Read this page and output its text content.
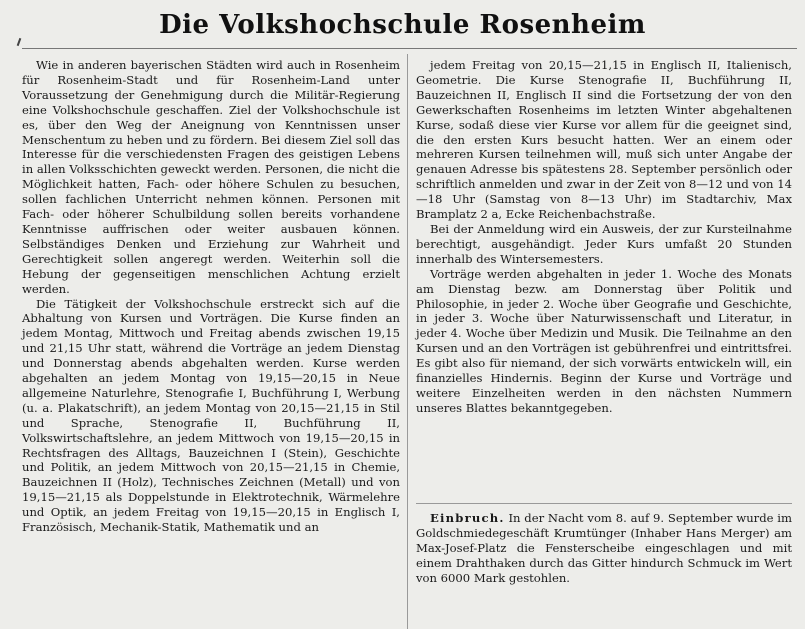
Die Volkshochschule Rosenheim

Wie in anderen bayerischen Städten wird auch in Rosenheim für Rosenheim-Stadt und für Rosenheim-Land unter Voraussetzung der Genehmigung durch die Militär-Regierung eine Volkshochschule geschaffen. Ziel der Volkshochschule ist es, über den Weg der Aneignung von Kenntnissen unser Menschentum zu heben und zu fördern. Bei diesem Ziel soll das Interesse für die verschiedensten Fragen des geistigen Lebens in allen Volksschichten geweckt werden. Personen, die nicht die Möglichkeit hatten, Fach- oder höhere Schulen zu besuchen, sollen fachlichen Unterricht nehmen können. Personen mit Fach- oder höherer Schulbildung sollen bereits vorhandene Kenntnisse auffrischen oder weiter ausbauen können. Selbständiges Denken und Erziehung zur Wahrheit und Gerechtigkeit sollen angeregt werden. Weiterhin soll die Hebung der gegenseitigen menschlichen Achtung erzielt werden.

Die Tätigkeit der Volkshochschule erstreckt sich auf die Abhaltung von Kursen und Vorträgen. Die Kurse finden an jedem Montag, Mittwoch und Freitag abends zwischen 19,15 und 21,15 Uhr statt, während die Vorträge an jedem Dienstag und Donnerstag abends abgehalten werden. Kurse werden abgehalten an jedem Montag von 19,15—20,15 in Neue allgemeine Naturlehre, Stenografie I, Buchführung I, Werbung (u. a. Plakatschrift), an jedem Montag von 20,15—21,15 in Stil und Sprache, Stenografie II, Buchführung II, Volkswirtschaftslehre, an jedem Mittwoch von 19,15—20,15 in Rechtsfragen des Alltags, Bauzeichnen I (Stein), Geschichte und Politik, an jedem Mittwoch von 20,15—21,15 in Chemie, Bauzeichnen II (Holz), Technisches Zeichnen (Metall) und von 19,15—21,15 als Doppelstunde in Elektrotechnik, Wärmelehre und Optik, an jedem Freitag von 19,15—20,15 in Englisch I, Französisch, Mechanik-Statik, Mathematik und an

jedem Freitag von 20,15—21,15 in Englisch II, Italienisch, Geometrie. Die Kurse Stenografie II, Buchführung II, Bauzeichnen II, Englisch II sind die Fortsetzung der von den Gewerkschaften Rosenheims im letzten Winter abgehaltenen Kurse, sodaß diese vier Kurse vor allem für die geeignet sind, die den ersten Kurs besucht hatten. Wer an einem oder mehreren Kursen teilnehmen will, muß sich unter Angabe der genauen Adresse bis spätestens 28. September persönlich oder schriftlich anmelden und zwar in der Zeit von 8—12 und von 14—18 Uhr (Samstag von 8—13 Uhr) im Stadtarchiv, Max Bramplatz 2 a, Ecke Reichenbachstraße.

Bei der Anmeldung wird ein Ausweis, der zur Kursteilnahme berechtigt, ausgehändigt. Jeder Kurs umfaßt 20 Stunden innerhalb des Wintersemesters.

Vorträge werden abgehalten in jeder 1. Woche des Monats am Dienstag bezw. am Donnerstag über Politik und Philosophie, in jeder 2. Woche über Geografie und Geschichte, in jeder 3. Woche über Naturwissenschaft und Literatur, in jeder 4. Woche über Medizin und Musik. Die Teilnahme an den Kursen und an den Vorträgen ist gebührenfrei und eintrittsfrei. Es gibt also für niemand, der sich vorwärts entwickeln will, ein finanzielles Hindernis. Beginn der Kurse und Vorträge und weitere Einzelheiten werden in den nächsten Nummern unseres Blattes bekanntgegeben.

Einbruch. In der Nacht vom 8. auf 9. September wurde im Goldschmiedegeschäft Krumtünger (Inhaber Hans Merger) am Max-Josef-Platz die Fensterscheibe eingeschlagen und mit einem Drahthaken durch das Gitter hindurch Schmuck im Wert von 6000 Mark gestohlen.
